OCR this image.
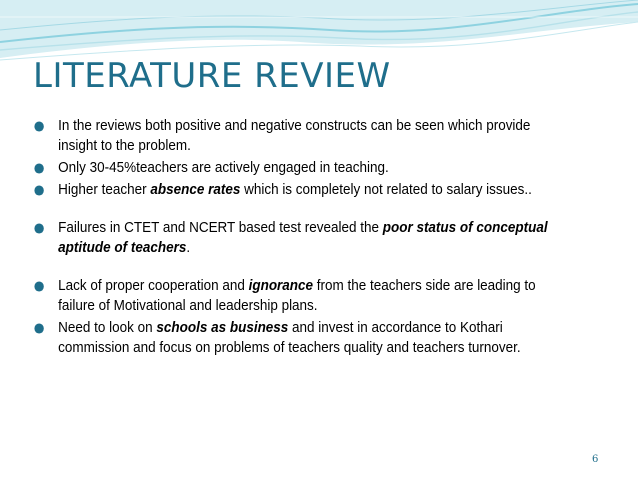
LITERATURE REVIEW
In the reviews both positive and negative constructs can be seen which provide insight to the problem.
Only 30-45%teachers are actively engaged in teaching.
Higher teacher absence rates which is completely not related to salary issues..
Failures in CTET and NCERT based test revealed the poor status of conceptual aptitude of teachers.
Lack of proper cooperation and ignorance from the teachers side are leading to failure of Motivational and leadership plans.
Need to look on schools as business and invest in accordance to Kothari commission and focus on problems of teachers quality and teachers turnover.
6
